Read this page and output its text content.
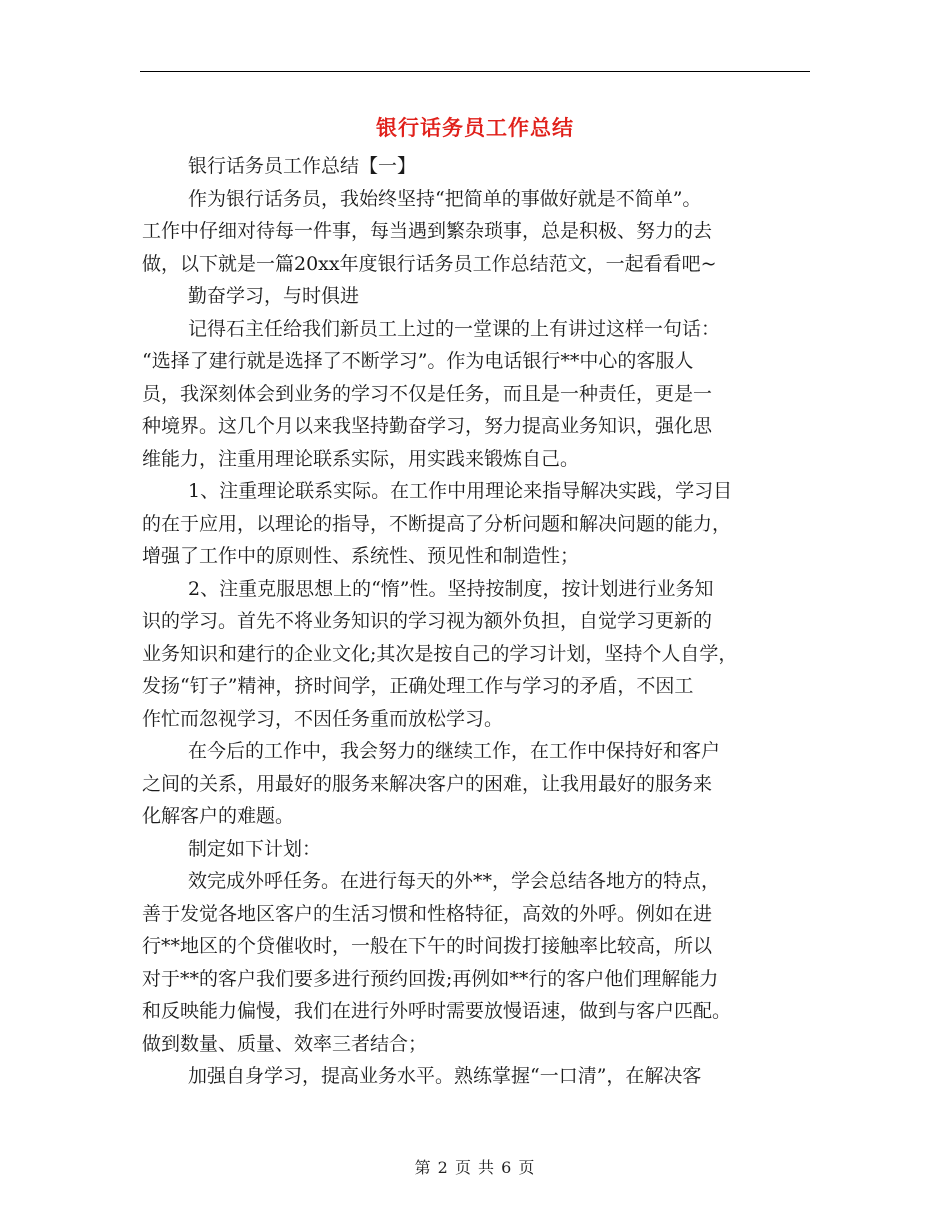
银行话务员工作总结

银行话务员工作总结【一】

作为银行话务员，我始终坚持“把简单的事做好就是不简单”。
工作中仔细对待每一件事，每当遇到繁杂琐事，总是积极、努力的去
做，以下就是一篇20xx年度银行话务员工作总结范文，一起看看吧~

勤奋学习，与时俱进

记得石主任给我们新员工上过的一堂课的上有讲过这样一句话：
“选择了建行就是选择了不断学习”。作为电话银行**中心的客服人
员，我深刻体会到业务的学习不仅是任务，而且是一种责任，更是一
种境界。这几个月以来我坚持勤奋学习，努力提高业务知识，强化思
维能力，注重用理论联系实际，用实践来锻炼自己。

1、注重理论联系实际。在工作中用理论来指导解决实践，学习目
的在于应用，以理论的指导，不断提高了分析问题和解决问题的能力，
增强了工作中的原则性、系统性、预见性和制造性；

2、注重克服思想上的“惰”性。坚持按制度，按计划进行业务知
识的学习。首先不将业务知识的学习视为额外负担，自觉学习更新的
业务知识和建行的企业文化;其次是按自己的学习计划，坚持个人自学，
发扬“钉子”精神，挤时间学，正确处理工作与学习的矛盾，不因工
作忙而忽视学习，不因任务重而放松学习。

在今后的工作中，我会努力的继续工作，在工作中保持好和客户
之间的关系，用最好的服务来解决客户的困难，让我用最好的服务来
化解客户的难题。

制定如下计划：

效完成外呼任务。在进行每天的外**，学会总结各地方的特点，
善于发觉各地区客户的生活习惯和性格特征，高效的外呼。例如在进
行**地区的个贷催收时，一般在下午的时间拨打接触率比较高，所以
对于**的客户我们要多进行预约回拨;再例如**行的客户他们理解能力
和反映能力偏慢，我们在进行外呼时需要放慢语速，做到与客户匹配。
做到数量、质量、效率三者结合；

加强自身学习，提高业务水平。熟练掌握“一口清”，在解决客

第 2 页 共 6 页
